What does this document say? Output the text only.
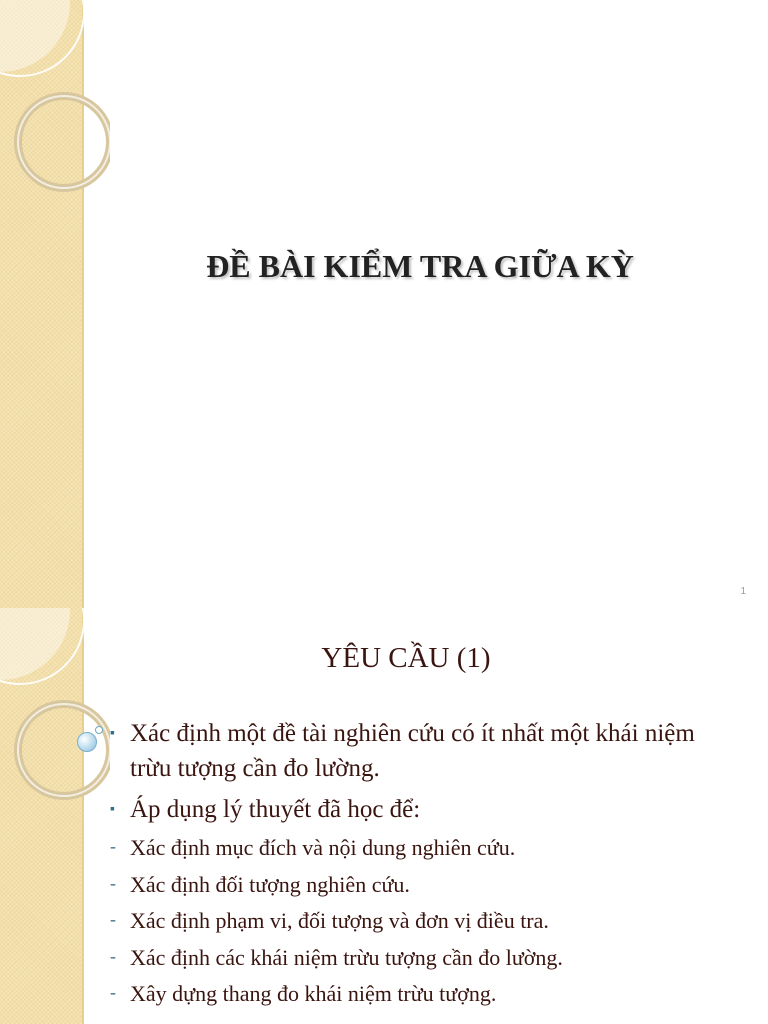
ĐỀ BÀI KIỂM TRA GIỮA KỲ
1
YÊU CẦU (1)
▪ Xác định một đề tài nghiên cứu có ít nhất một khái niệm trừu tượng cần đo lường.
▪ Áp dụng lý thuyết đã học để:
- Xác định mục đích và nội dung nghiên cứu.
- Xác định đối tượng nghiên cứu.
- Xác định phạm vi, đối tượng và đơn vị điều tra.
- Xác định các khái niệm trừu tượng cần đo lường.
- Xây dựng thang đo khái niệm trừu tượng.
